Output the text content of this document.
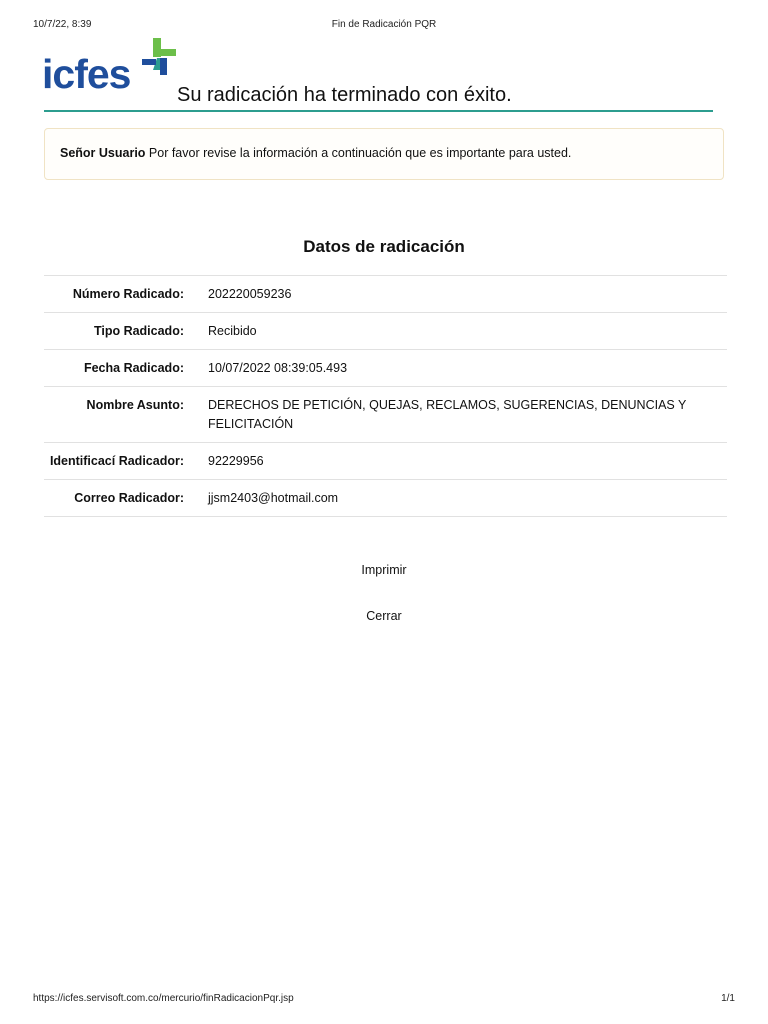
10/7/22, 8:39	Fin de Radicación PQR
icfes Su radicación ha terminado con éxito.
Señor Usuario Por favor revise la información a continuación que es importante para usted.
Datos de radicación
Número Radicado:	202220059236
Tipo Radicado:	Recibido
Fecha Radicado:	10/07/2022 08:39:05.493
Nombre Asunto:	DERECHOS DE PETICIÓN, QUEJAS, RECLAMOS, SUGERENCIAS, DENUNCIAS Y FELICITACIÓN
Identificací Radicador:	92229956
Correo Radicador:	jjsm2403@hotmail.com
Imprimir
Cerrar
https://icfes.servisoft.com.co/mercurio/finRadicacionPqr.jsp	1/1
